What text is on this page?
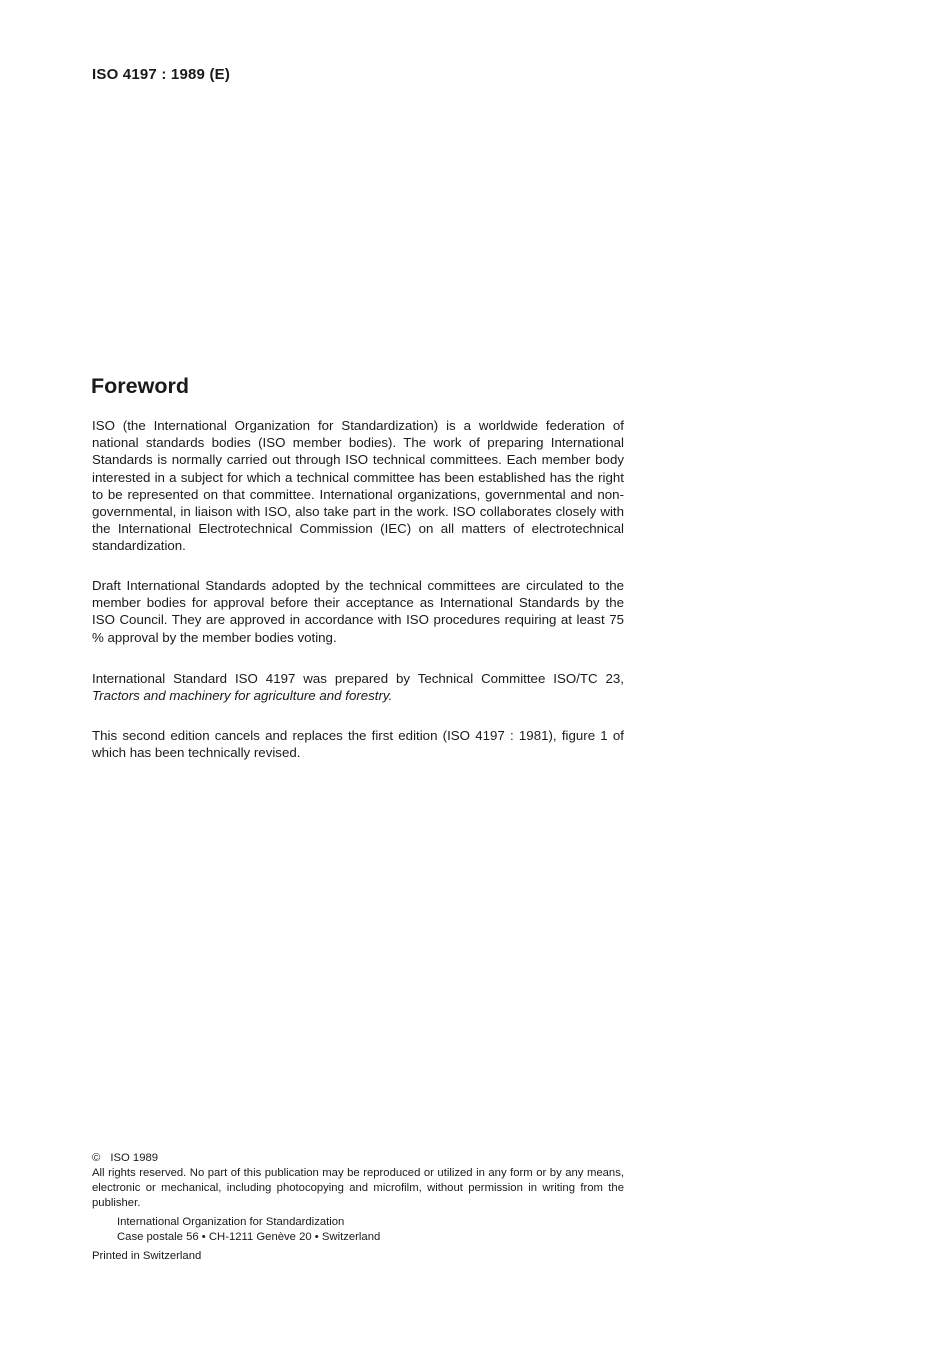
ISO 4197 : 1989 (E)
Foreword

ISO (the International Organization for Standardization) is a worldwide federation of national standards bodies (ISO member bodies). The work of preparing International Standards is normally carried out through ISO technical committees. Each member body interested in a subject for which a technical committee has been established has the right to be represented on that committee. International organizations, governmental and non-governmental, in liaison with ISO, also take part in the work. ISO collaborates closely with the International Electrotechnical Commission (IEC) on all matters of electrotechnical standardization.

Draft International Standards adopted by the technical committees are circulated to the member bodies for approval before their acceptance as International Standards by the ISO Council. They are approved in accordance with ISO procedures requiring at least 75 % approval by the member bodies voting.

International Standard ISO 4197 was prepared by Technical Committee ISO/TC 23,
Tractors and machinery for agriculture and forestry.

This second edition cancels and replaces the first edition (ISO 4197 : 1981), figure 1 of which has been technically revised.

© ISO 1989
All rights reserved. No part of this publication may be reproduced or utilized in any form or by any means, electronic or mechanical, including photocopying and microfilm, without permission in writing from the publisher.
International Organization for Standardization
Case postale 56 • CH-1211 Genève 20 • Switzerland
Printed in Switzerland
